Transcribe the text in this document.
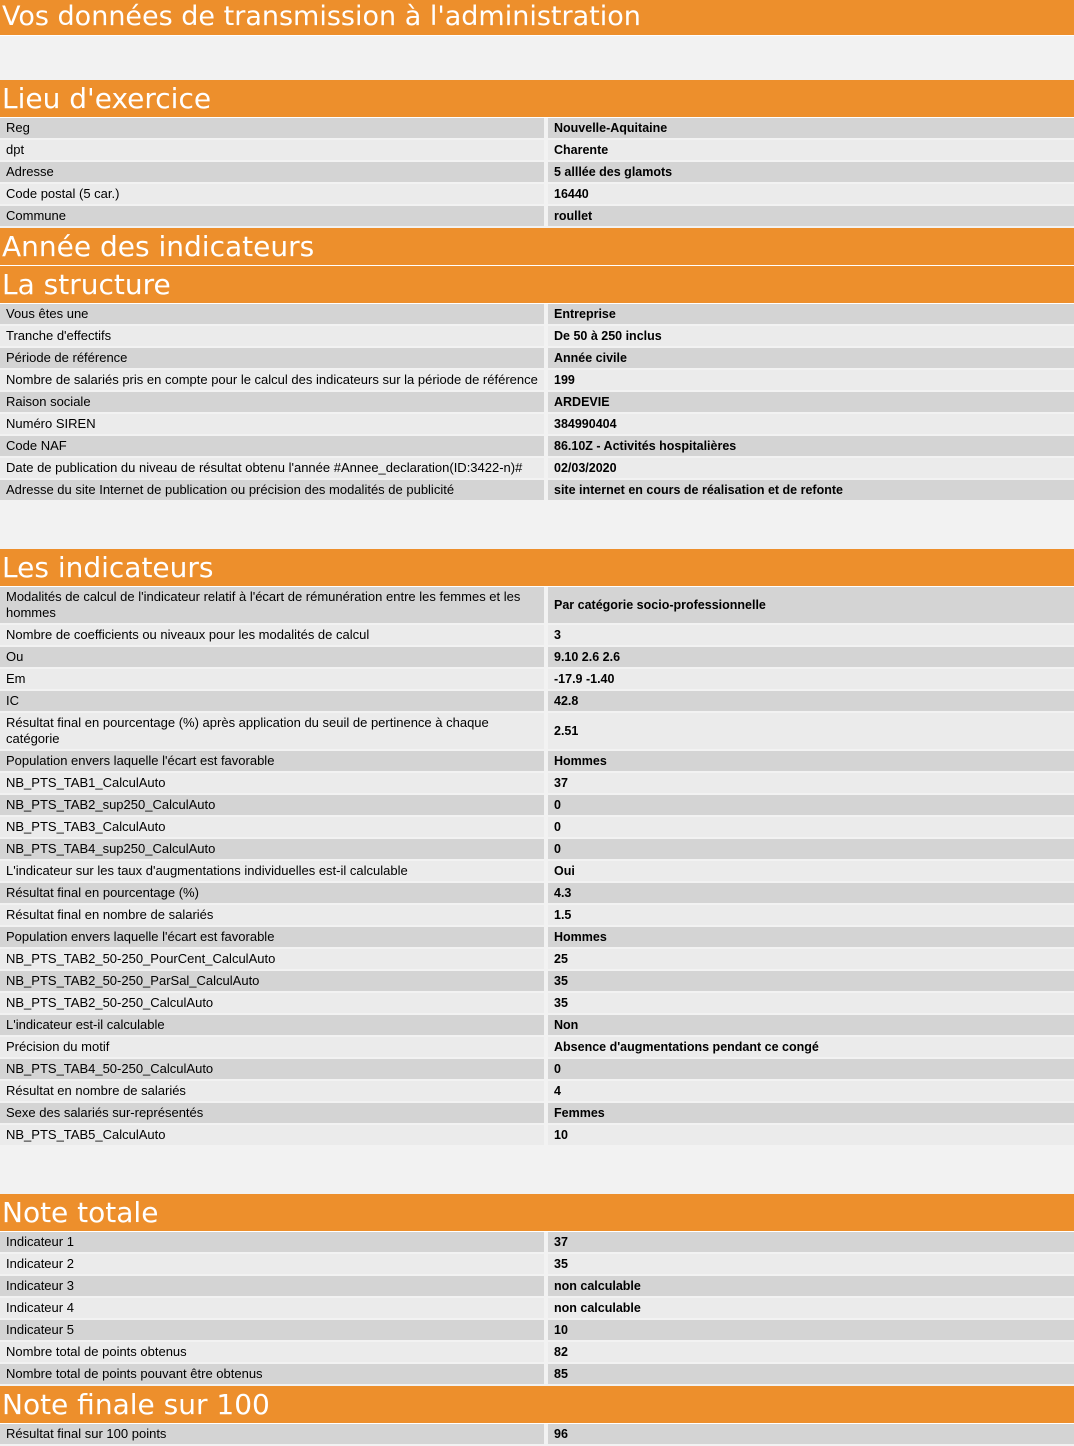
Vos données de transmission à l'administration
Lieu d'exercice
Reg	Nouvelle-Aquitaine
dpt	Charente
Adresse	5 alllée des glamots
Code postal (5 car.)	16440
Commune	roullet
Année des indicateurs
La structure
Vous êtes une	Entreprise
Tranche d'effectifs	De 50 à 250 inclus
Période de référence	Année civile
Nombre de salariés pris en compte pour le calcul des indicateurs sur la période de référence	199
Raison sociale	ARDEVIE
Numéro SIREN	384990404
Code NAF	86.10Z - Activités hospitalières
Date de publication du niveau de résultat obtenu l'année #Annee_declaration(ID:3422-n)#	02/03/2020
Adresse du site Internet de publication ou précision des modalités de publicité	site internet en cours de réalisation et de refonte
Les indicateurs
Modalités de calcul de l'indicateur relatif à l'écart de rémunération entre les femmes et les hommes	Par catégorie socio-professionnelle
Nombre de coefficients ou niveaux pour les modalités de calcul	3
Ou	9.10 2.6 2.6
Em	-17.9 -1.40
IC	42.8
Résultat final en pourcentage (%) après application du seuil de pertinence à chaque catégorie	2.51
Population envers laquelle l'écart est favorable	Hommes
NB_PTS_TAB1_CalculAuto	37
NB_PTS_TAB2_sup250_CalculAuto	0
NB_PTS_TAB3_CalculAuto	0
NB_PTS_TAB4_sup250_CalculAuto	0
L'indicateur sur les taux d'augmentations individuelles est-il calculable	Oui
Résultat final en pourcentage (%)	4.3
Résultat final en nombre de salariés	1.5
Population envers laquelle l'écart est favorable	Hommes
NB_PTS_TAB2_50-250_PourCent_CalculAuto	25
NB_PTS_TAB2_50-250_ParSal_CalculAuto	35
NB_PTS_TAB2_50-250_CalculAuto	35
L'indicateur est-il calculable	Non
Précision du motif	Absence d'augmentations pendant ce congé
NB_PTS_TAB4_50-250_CalculAuto	0
Résultat en nombre de salariés	4
Sexe des salariés sur-représentés	Femmes
NB_PTS_TAB5_CalculAuto	10
Note totale
Indicateur 1	37
Indicateur 2	35
Indicateur 3	non calculable
Indicateur 4	non calculable
Indicateur 5	10
Nombre total de points obtenus	82
Nombre total de points pouvant être obtenus	85
Note finale sur 100
Résultat final sur 100 points	96
